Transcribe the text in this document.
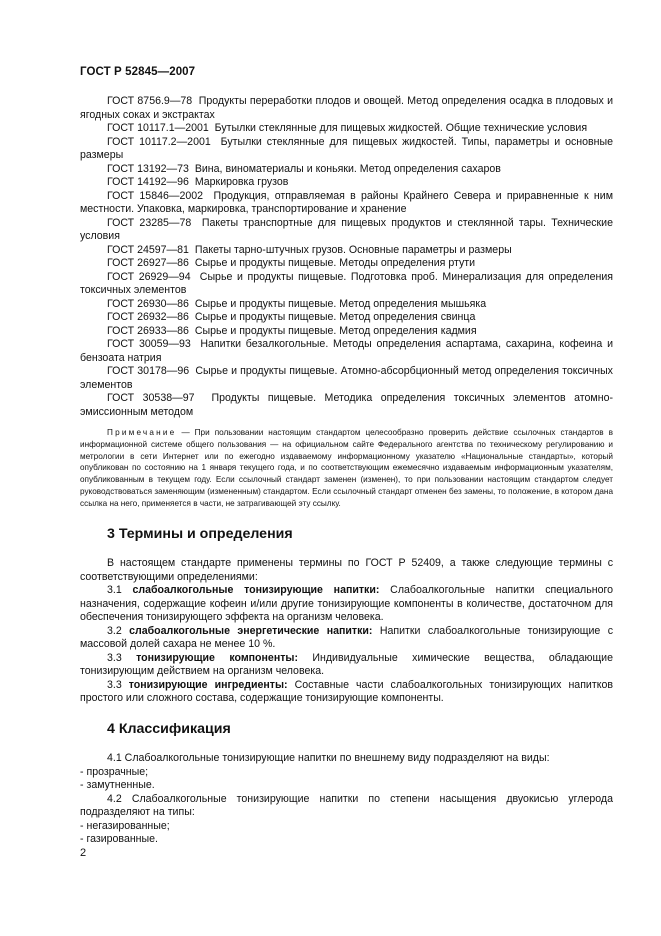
ГОСТ Р 52845—2007

ГОСТ 8756.9—78 Продукты переработки плодов и овощей. Метод определения осадка в плодовых и ягодных соках и экстрактах

ГОСТ 10117.1—2001 Бутылки стеклянные для пищевых жидкостей. Общие технические условия

ГОСТ 10117.2—2001 Бутылки стеклянные для пищевых жидкостей. Типы, параметры и основные размеры

ГОСТ 13192—73 Вина, виноматериалы и коньяки. Метод определения сахаров

ГОСТ 14192—96 Маркировка грузов

ГОСТ 15846—2002 Продукция, отправляемая в районы Крайнего Севера и приравненные к ним местности. Упаковка, маркировка, транспортирование и хранение

ГОСТ 23285—78 Пакеты транспортные для пищевых продуктов и стеклянной тары. Технические условия

ГОСТ 24597—81 Пакеты тарно-штучных грузов. Основные параметры и размеры

ГОСТ 26927—86 Сырье и продукты пищевые. Методы определения ртути

ГОСТ 26929—94 Сырье и продукты пищевые. Подготовка проб. Минерализация для определения токсичных элементов

ГОСТ 26930—86 Сырье и продукты пищевые. Метод определения мышьяка

ГОСТ 26932—86 Сырье и продукты пищевые. Метод определения свинца

ГОСТ 26933—86 Сырье и продукты пищевые. Метод определения кадмия

ГОСТ 30059—93 Напитки безалкогольные. Методы определения аспартама, сахарина, кофеина и бензоата натрия

ГОСТ 30178—96 Сырье и продукты пищевые. Атомно-абсорбционный метод определения токсичных элементов

ГОСТ 30538—97 Продукты пищевые. Методика определения токсичных элементов атомно-эмиссионным методом

Примечание — При пользовании настоящим стандартом целесообразно проверить действие ссылочных стандартов в информационной системе общего пользования — на официальном сайте Федерального агентства по техническому регулированию и метрологии в сети Интернет или по ежегодно издаваемому информационному указателю «Национальные стандарты», который опубликован по состоянию на 1 января текущего года, и по соответствующим ежемесячно издаваемым информационным указателям, опубликованным в текущем году. Если ссылочный стандарт заменен (изменен), то при пользовании настоящим стандартом следует руководствоваться заменяющим (измененным) стандартом. Если ссылочный стандарт отменен без замены, то положение, в котором дана ссылка на него, применяется в части, не затрагивающей эту ссылку.

3 Термины и определения

В настоящем стандарте применены термины по ГОСТ Р 52409, а также следующие термины с соответствующими определениями:

3.1 слабоалкогольные тонизирующие напитки: Слабоалкогольные напитки специального назначения, содержащие кофеин и/или другие тонизирующие компоненты в количестве, достаточном для обеспечения тонизирующего эффекта на организм человека.

3.2 слабоалкогольные энергетические напитки: Напитки слабоалкогольные тонизирующие с массовой долей сахара не менее 10 %.

3.3 тонизирующие компоненты: Индивидуальные химические вещества, обладающие тонизирующим действием на организм человека.

3.3 тонизирующие ингредиенты: Составные части слабоалкогольных тонизирующих напитков простого или сложного состава, содержащие тонизирующие компоненты.

4 Классификация

4.1 Слабоалкогольные тонизирующие напитки по внешнему виду подразделяют на виды:

- прозрачные;

- замутненные.

4.2 Слабоалкогольные тонизирующие напитки по степени насыщения двуокисью углерода подразделяют на типы:

- негазированные;

- газированные.

2
